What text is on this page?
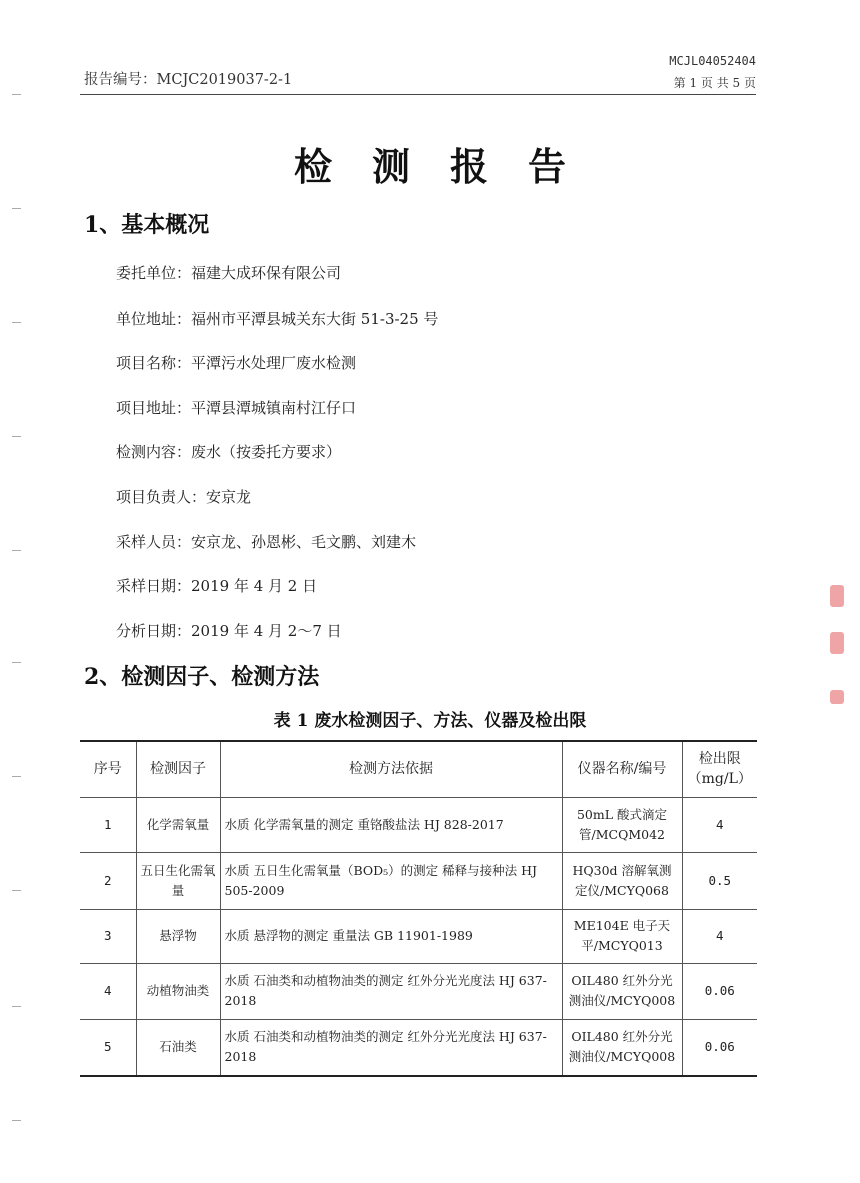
MCJL04052404
报告编号：MCJC2019037-2-1	第 1 页 共 5 页
检测报告
1、基本概况
委托单位：福建大成环保有限公司
单位地址：福州市平潭县城关东大街 51-3-25 号
项目名称：平潭污水处理厂废水检测
项目地址：平潭县潭城镇南村江仔口
检测内容：废水（按委托方要求）
项目负责人：安京龙
采样人员：安京龙、孙恩彬、毛文鹏、刘建木
采样日期：2019 年 4 月 2 日
分析日期：2019 年 4 月 2～7 日
2、检测因子、检测方法
表 1 废水检测因子、方法、仪器及检出限
序号	检测因子	检测方法依据	仪器名称/编号	检出限（mg/L）
1	化学需氧量	水质 化学需氧量的测定 重铬酸盐法 HJ 828-2017	50mL 酸式滴定管/MCQM042	4
2	五日生化需氧量	水质 五日生化需氧量（BOD₅）的测定 稀释与接种法 HJ 505-2009	HQ30d 溶解氧测定仪/MCYQ068	0.5
3	悬浮物	水质 悬浮物的测定 重量法 GB 11901-1989	ME104E 电子天平/MCYQ013	4
4	动植物油类	水质 石油类和动植物油类的测定 红外分光光度法 HJ 637-2018	OIL480 红外分光测油仪/MCYQ008	0.06
5	石油类	水质 石油类和动植物油类的测定 红外分光光度法 HJ 637-2018	OIL480 红外分光测油仪/MCYQ008	0.06
